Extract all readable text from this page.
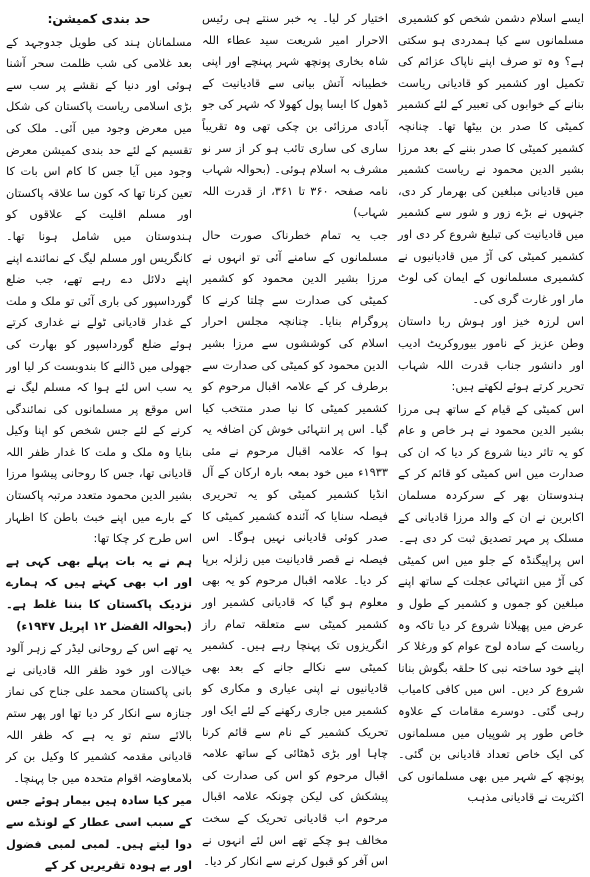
ایسے اسلام دشمن شخص کو کشمیری مسلمانوں سے کیا ہمدردی ہو سکتی ہے؟ وہ تو صرف اپنے ناپاک عزائم کی تکمیل اور کشمیر کو قادیانی ریاست بنانے کے خوابوں کی تعبیر کے لئے کشمیر کمیٹی کا صدر بن بیٹھا تھا۔ چنانچہ کشمیر کمیٹی کا صدر بننے کے بعد مرزا بشیر الدین محمود نے ریاست کشمیر میں قادیانی مبلغین کی بھرمار کر دی، جنہوں نے بڑے زور و شور سے کشمیر میں قادیانیت کی تبلیغ شروع کر دی اور کشمیر کمیٹی کی آڑ میں قادیانیوں نے کشمیری مسلمانوں کے ایمان کی لوٹ مار اور غارت گری کی۔

اس لرزہ خیز اور ہوش ربا داستان وطن عزیز کے نامور بیوروکریٹ ادیب اور دانشور جناب قدرت اللہ شہاب تحریر کرتے ہوئے لکھتے ہیں:

اس کمیٹی کے قیام کے ساتھ ہی مرزا بشیر الدین محمود نے ہر خاص و عام کو یہ تاثر دینا شروع کر دیا کہ ان کی صدارت میں اس کمیٹی کو قائم کر کے ہندوستان بھر کے سرکردہ مسلمان اکابرین نے ان کے والد مرزا قادیانی کے مسلک پر مہر تصدیق ثبت کر دی ہے۔ اس پراپیگنڈہ کے جلو میں اس کمیٹی کی آڑ میں انتہائی عجلت کے ساتھ اپنے مبلغین کو جموں و کشمیر کے طول و عرض میں پھیلانا شروع کر دیا تاکہ وہ ریاست کے سادہ لوح عوام کو ورغلا کر اپنے خود ساختہ نبی کا حلقہ بگوش بنانا شروع کر دیں۔ اس میں کافی کامیاب رہی گئی۔ دوسرے مقامات کے علاوہ خاص طور پر شوپیاں میں مسلمانوں کی ایک خاص تعداد قادیانی بن گئی۔ پونچھ کے شہر میں بھی مسلمانوں کی اکثریت نے قادیانی مذہب

اختیار کر لیا۔ یہ خبر سنتے ہی رئیس الاحرار امیر شریعت سید عطاء اللہ شاہ بخاری پونچھ شہر پہنچے اور اپنی خطیبانہ آتش بیانی سے قادیانیت کے ڈھول کا ایسا پول کھولا کہ شہر کی جو آبادی مرزائی بن چکی تھی وہ تقریباً ساری کی ساری تائب ہو کر از سر نو مشرف بہ اسلام ہوئی۔ (بحوالہ شہاب نامہ صفحہ ۳۶۰ تا ۳۶۱، از قدرت اللہ شہاب)

جب یہ تمام خطرناک صورت حال مسلمانوں کے سامنے آئی تو انہوں نے مرزا بشیر الدین محمود کو کشمیر کمیٹی کی صدارت سے چلتا کرنے کا پروگرام بنایا۔ چنانچہ مجلس احرار اسلام کی کوششوں سے مرزا بشیر الدین محمود کو کمیٹی کی صدارت سے برطرف کر کے علامہ اقبال مرحوم کو کشمیر کمیٹی کا نیا صدر منتخب کیا گیا۔ اس پر انتہائی خوش کن اضافہ یہ ہوا کہ علامہ اقبال مرحوم نے مئی ۱۹۳۳ء میں خود بمعہ بارہ ارکان کے آل انڈیا کشمیر کمیٹی کو یہ تحریری فیصلہ سنایا کہ آئندہ کشمیر کمیٹی کا صدر کوئی قادیانی نہیں ہوگا۔ اس فیصلہ نے قصر قادیانیت میں زلزلہ برپا کر دیا۔ علامہ اقبال مرحوم کو یہ بھی معلوم ہو گیا کہ قادیانی کشمیر اور کشمیر کمیٹی سے متعلقہ تمام راز انگریزوں تک پہنچا رہے ہیں۔ کشمیر کمیٹی سے نکالے جانے کے بعد بھی قادیانیوں نے اپنی عیاری و مکاری کو کشمیر میں جاری رکھنے کے لئے ایک اور تحریک کشمیر کے نام سے قائم کرنا چاہا اور بڑی ڈھٹائی کے ساتھ علامہ اقبال مرحوم کو اس کی صدارت کی پیشکش کی لیکن چونکہ علامہ اقبال مرحوم اب قادیانی تحریک کے سخت مخالف ہو چکے تھے اس لئے انہوں نے اس آفر کو قبول کرنے سے انکار کر دیا۔

حد بندی کمیشن:

مسلمانان ہند کی طویل جدوجہد کے بعد غلامی کی شب ظلمت سحر آشنا ہوئی اور دنیا کے نقشے پر سب سے بڑی اسلامی ریاست پاکستان کی شکل میں معرض وجود میں آئی۔ ملک کی تقسیم کے لئے حد بندی کمیشن معرض وجود میں آیا جس کا کام اس بات کا تعین کرنا تھا کہ کون سا علاقہ پاکستان اور مسلم اقلیت کے علاقوں کو ہندوستان میں شامل ہونا تھا۔ کانگریس اور مسلم لیگ کے نمائندے اپنے اپنے دلائل دے رہے تھے، جب ضلع گورداسپور کی باری آئی تو ملک و ملت کے غدار قادیانی ٹولے نے غداری کرتے ہوئے ضلع گورداسپور کو بھارت کی جھولی میں ڈالنے کا بندوبست کر لیا اور یہ سب اس لئے ہوا کہ مسلم لیگ نے اس موقع پر مسلمانوں کی نمائندگی کرنے کے لئے جس شخص کو اپنا وکیل بنایا وہ ملک و ملت کا غدار ظفر اللہ قادیانی تھا، جس کا روحانی پیشوا مرزا بشیر الدین محمود متعدد مرتبہ پاکستان کے بارے میں اپنے خبث باطن کا اظہار اس طرح کر چکا تھا:

ہم نے یہ بات پہلے بھی کہی ہے اور اب بھی کہتے ہیں کہ ہمارے نزدیک پاکستان کا بننا غلط ہے۔ (بحوالہ الفضل ۱۲ اپریل ۱۹۴۷ء)

یہ تھے اس کے روحانی لیڈر کے زہر آلود خیالات اور خود ظفر اللہ قادیانی نے بانی پاکستان محمد علی جناح کی نماز جنازہ سے انکار کر دیا تھا اور پھر ستم بالائے ستم تو یہ ہے کہ ظفر اللہ قادیانی مقدمہ کشمیر کا وکیل بن کر بلامعاوضہ اقوام متحدہ میں جا پہنچا۔

میر کیا سادہ ہیں بیمار ہوئے جس کے سبب اسی عطار کے لونڈے سے دوا لیتے ہیں۔ لمبی لمبی فضول اور بے ہودہ تقریریں کر کے
